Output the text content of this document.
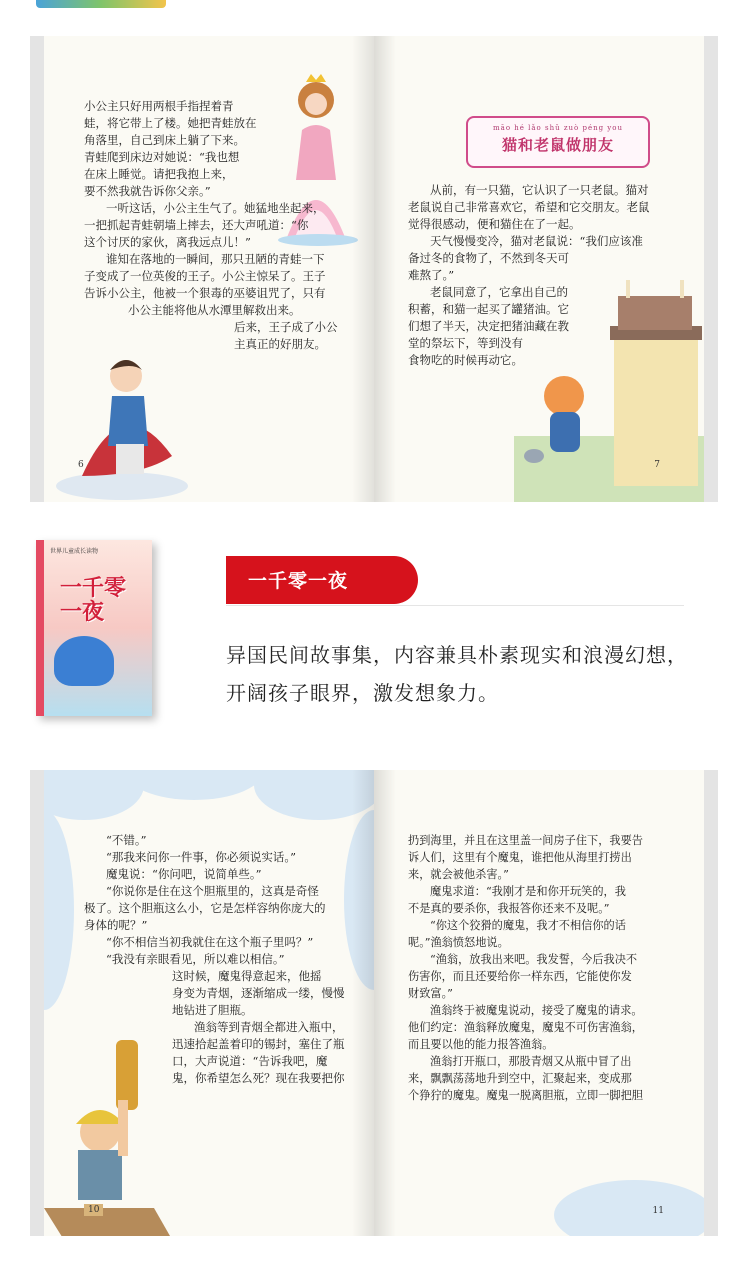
小公主只好用两根手指捏着青
蛙，将它带上了楼。她把青蛙放在
角落里，自己到床上躺了下来。
青蛙爬到床边对她说：“我也想
在床上睡觉。请把我抱上来，
要不然我就告诉你父亲。”
一听这话，小公主生气了。她猛地坐起来，
一把抓起青蛙朝墙上摔去，还大声吼道：“你
这个讨厌的家伙，离我远点儿！”
谁知在落地的一瞬间，那只丑陋的青蛙一下
子变成了一位英俊的王子。小公主惊呆了。王子
告诉小公主，他被一个狠毒的巫婆诅咒了，只有
小公主能将他从水潭里解救出来。
后来，王子成了小公
主真正的好朋友。
6
māo hé lǎo shǔ zuò péng you
猫和老鼠做朋友
从前，有一只猫，它认识了一只老鼠。猫对
老鼠说自己非常喜欢它，希望和它交朋友。老鼠
觉得很感动，便和猫住在了一起。
天气慢慢变冷，猫对老鼠说：“我们应该准
备过冬的食物了，不然到冬天可
难熬了。”
老鼠同意了，它拿出自己的
积蓄，和猫一起买了罐猪油。它
们想了半天，决定把猪油藏在教
堂的祭坛下，等到没有
食物吃的时候再动它。
7
世界儿童成长读物
一千零
一夜
一千零一夜
异国民间故事集，内容兼具朴素现实和浪漫幻想，开阔孩子眼界，激发想象力。
“不错。”
“那我来问你一件事，你必须说实话。”
魔鬼说：“你问吧，说简单些。”
“你说你是住在这个胆瓶里的，这真是奇怪
极了。这个胆瓶这么小，它是怎样容纳你庞大的
身体的呢？”
“你不相信当初我就住在这个瓶子里吗？”
“我没有亲眼看见，所以难以相信。”
这时候，魔鬼得意起来，他摇
身变为青烟，逐渐缩成一缕，慢慢
地钻进了胆瓶。
渔翁等到青烟全都进入瓶中，
迅速拾起盖着印的锡封，塞住了瓶
口，大声说道：“告诉我吧，魔
鬼，你希望怎么死？现在我要把你
10
扔到海里，并且在这里盖一间房子住下，我要告
诉人们，这里有个魔鬼，谁把他从海里打捞出
来，就会被他杀害。”
魔鬼求道：“我刚才是和你开玩笑的，我
不是真的要杀你，我报答你还来不及呢。”
“你这个狡猾的魔鬼，我才不相信你的话
呢。”渔翁愤怒地说。
“渔翁，放我出来吧。我发誓，今后我决不
伤害你，而且还要给你一样东西，它能使你发
财致富。”
渔翁终于被魔鬼说动，接受了魔鬼的请求。
他们约定：渔翁释放魔鬼，魔鬼不可伤害渔翁，
而且要以他的能力报答渔翁。
渔翁打开瓶口，那股青烟又从瓶中冒了出
来，飘飘荡荡地升到空中，汇聚起来，变成那
个狰狞的魔鬼。魔鬼一脱离胆瓶，立即一脚把胆
11
